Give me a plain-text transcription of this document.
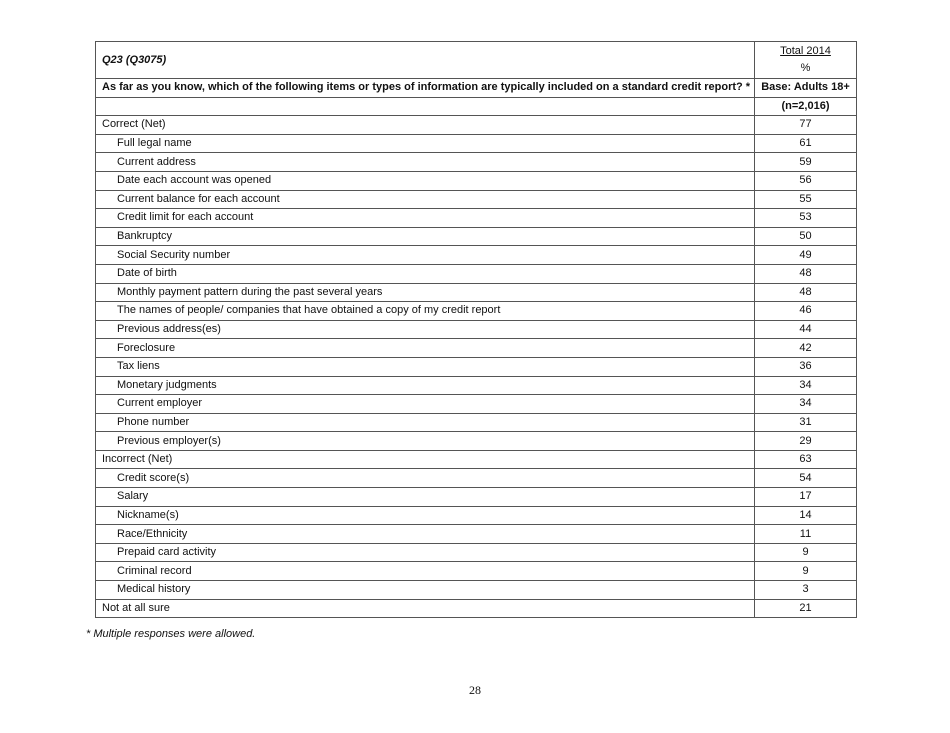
Q23 (Q3075)	Total 2014
%

As far as you know, which of the following items or types of information are typically included on a standard credit report? *	Base: Adults 18+
	(n=2,016)
Correct (Net)	77
Full legal name	61
Current address	59
Date each account was opened	56
Current balance for each account	55
Credit limit for each account	53
Bankruptcy	50
Social Security number	49
Date of birth	48
Monthly payment pattern during the past several years	48
The names of people/ companies that have obtained a copy of my credit report	46
Previous address(es)	44
Foreclosure	42
Tax liens	36
Monetary judgments	34
Current employer	34
Phone number	31
Previous employer(s)	29
Incorrect (Net)	63
Credit score(s)	54
Salary	17
Nickname(s)	14
Race/Ethnicity	11
Prepaid card activity	9
Criminal record	9
Medical history	3
Not at all sure	21
* Multiple responses were allowed.
28
